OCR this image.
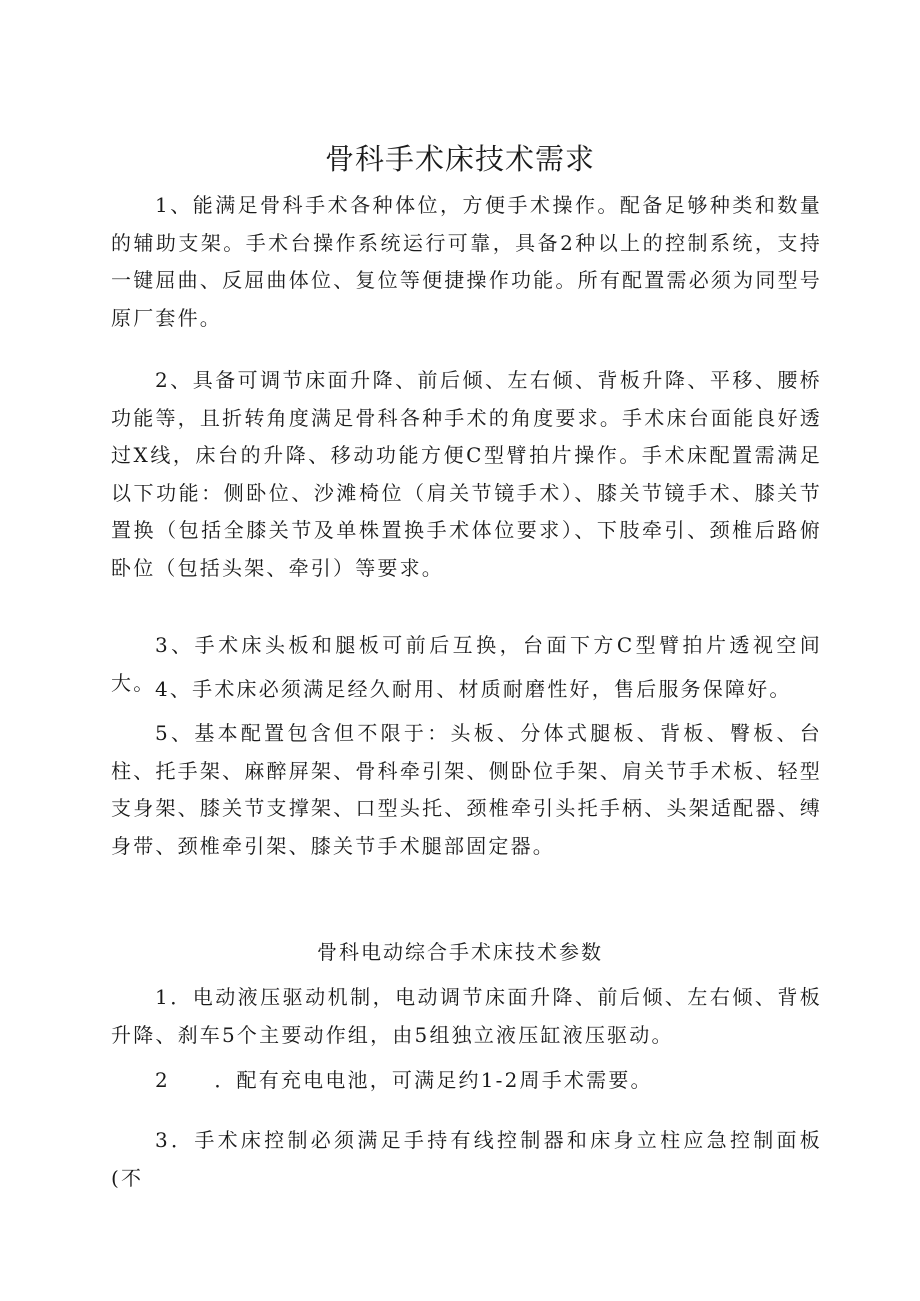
骨科手术床技术需求

1、能满足骨科手术各种体位，方便手术操作。配备足够种类和数量的辅助支架。手术台操作系统运行可靠，具备2种以上的控制系统，支持一键屈曲、反屈曲体位、复位等便捷操作功能。所有配置需必须为同型号原厂套件。

2、具备可调节床面升降、前后倾、左右倾、背板升降、平移、腰桥功能等，且折转角度满足骨科各种手术的角度要求。手术床台面能良好透过X线，床台的升降、移动功能方便C型臂拍片操作。手术床配置需满足以下功能：侧卧位、沙滩椅位（肩关节镜手术）、膝关节镜手术、膝关节置换（包括全膝关节及单株置换手术体位要求）、下肢牵引、颈椎后路俯卧位（包括头架、牵引）等要求。

3、手术床头板和腿板可前后互换，台面下方C型臂拍片透视空间大。 4、手术床必须满足经久耐用、材质耐磨性好，售后服务保障好。

5、基本配置包含但不限于：头板、分体式腿板、背板、臀板、台柱、托手架、麻醉屏架、骨科牵引架、侧卧位手架、肩关节手术板、轻型支身架、膝关节支撑架、口型头托、颈椎牵引头托手柄、头架适配器、缚身带、颈椎牵引架、膝关节手术腿部固定器。

骨科电动综合手术床技术参数

1．电动液压驱动机制，电动调节床面升降、前后倾、左右倾、背板升降、刹车5个主要动作组，由5组独立液压缸液压驱动。

2　　．配有充电电池，可满足约1-2周手术需要。

3．手术床控制必须满足手持有线控制器和床身立柱应急控制面板(不
